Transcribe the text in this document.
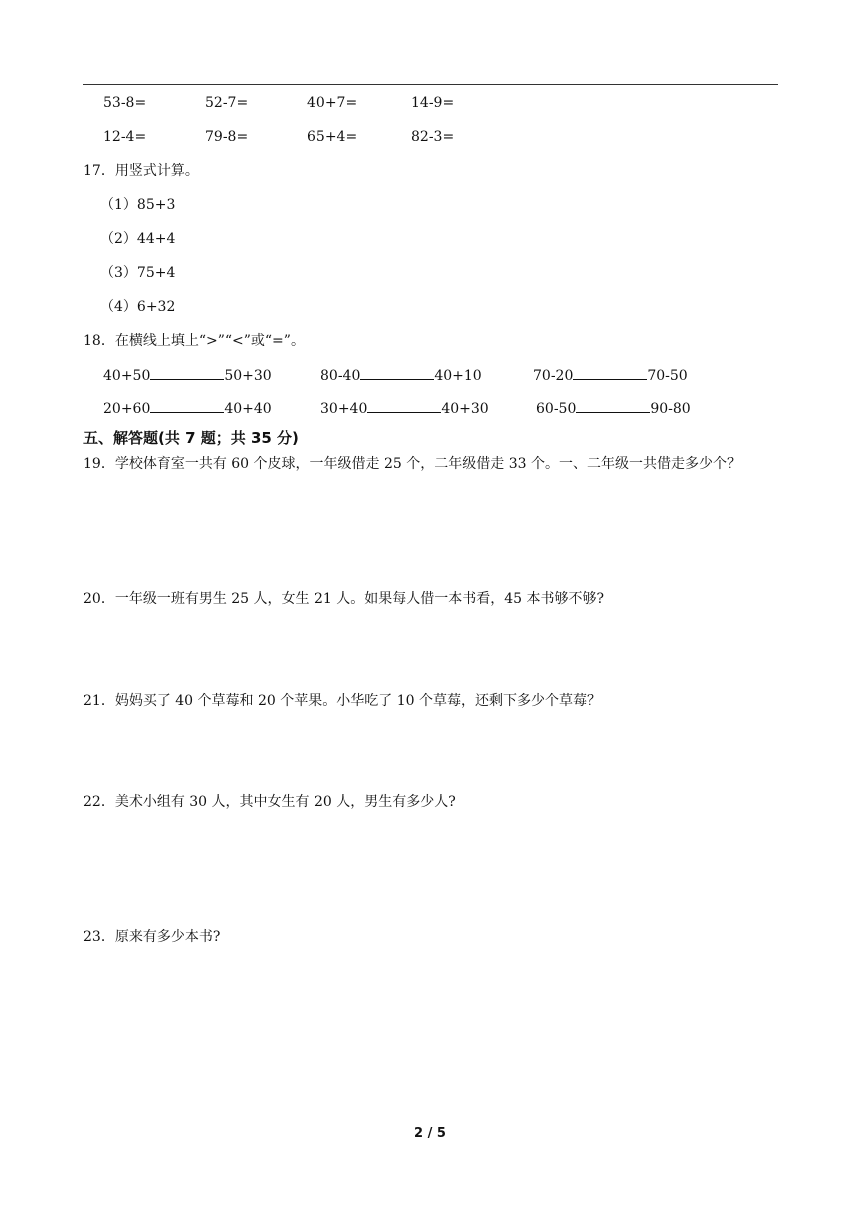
53-8=	52-7=	40+7=	14-9=
12-4=	79-8=	65+4=	82-3=
17．用竖式计算。
（1）85+3
（2）44+4
（3）75+4
（4）6+32
18．在横线上填上“>”“<”或“=”。
40+50	50+30	80-40	40+10	70-20	70-50
20+60	40+40	30+40	40+30	60-50	90-80
五、解答题(共 7 题；共 35 分)
19．学校体育室一共有 60 个皮球，一年级借走 25 个，二年级借走 33 个。一、二年级一共借走多少个？
20．一年级一班有男生 25 人，女生 21 人。如果每人借一本书看，45 本书够不够?
21．妈妈买了 40 个草莓和 20 个苹果。小华吃了 10 个草莓，还剩下多少个草莓？
22．美术小组有 30 人，其中女生有 20 人，男生有多少人?
23．原来有多少本书?
2 / 5
